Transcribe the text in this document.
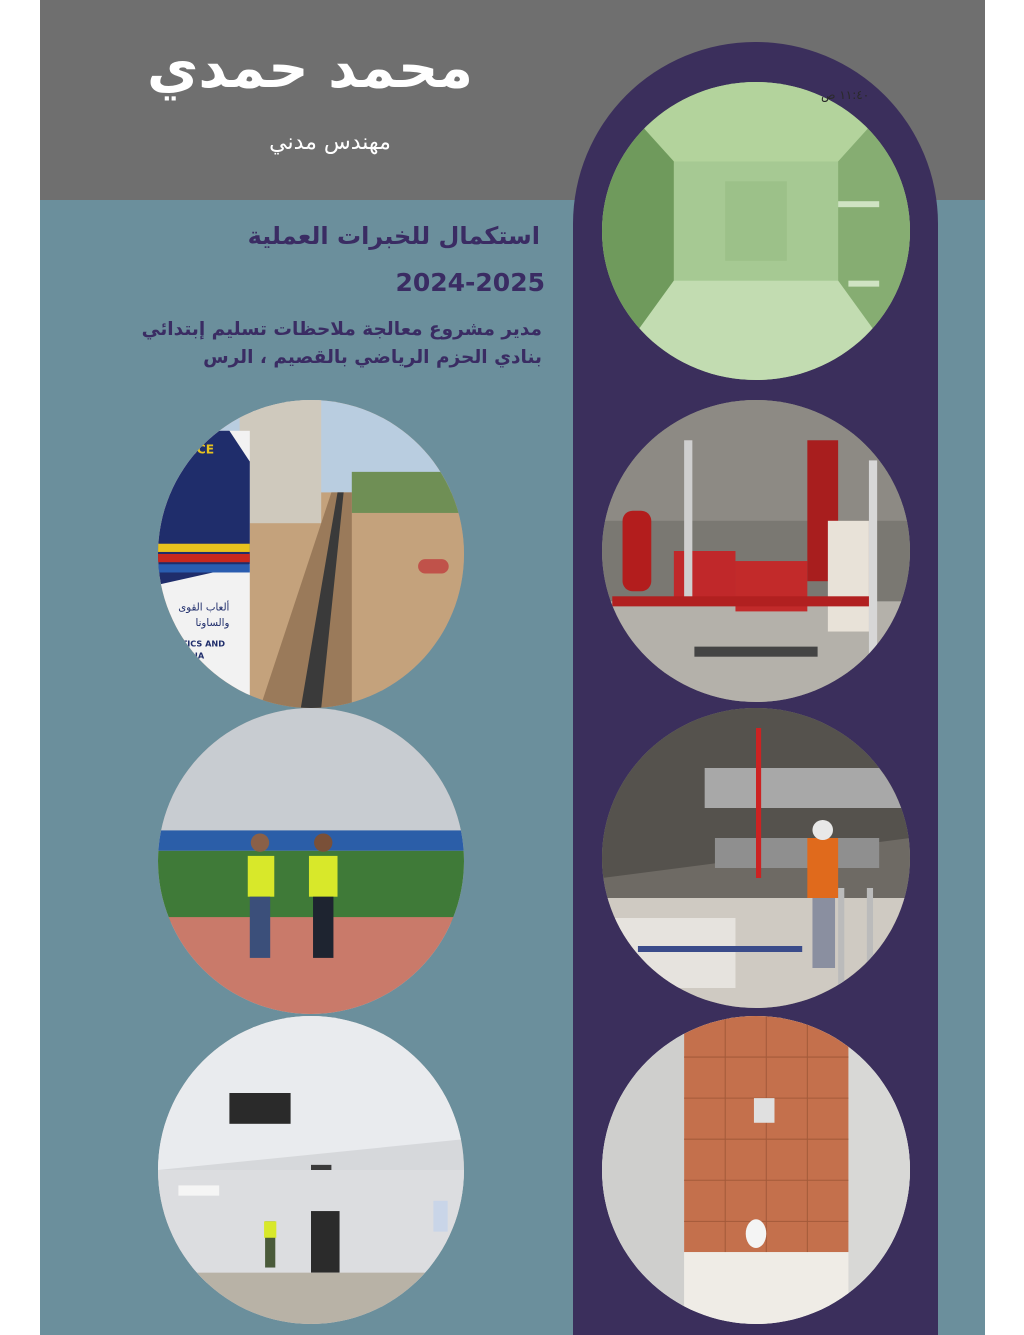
محمد حمدي
مهندس مدني
استكمال للخبرات العملية
2024-2025
مدير مشروع معالجة ملاحظات تسليم إبتدائي
بنادي الحزم الرياضي بالقصيم ، الرس
١١:٤٠ ص
NCE
ألعاب القوى
والساونا
HLETICS AND
E SAUNA
